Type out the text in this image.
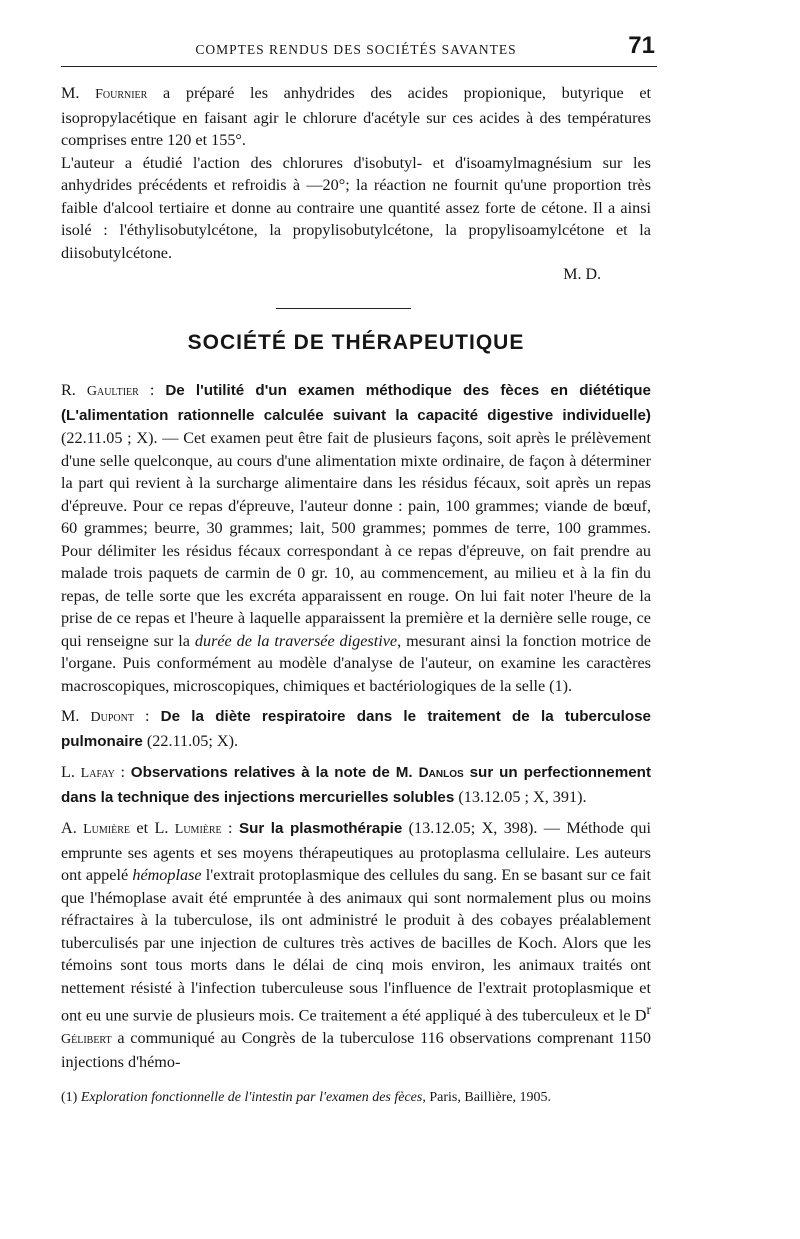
COMPTES RENDUS DES SOCIÉTÉS SAVANTES	71

M. Fournier a préparé les anhydrides des acides propionique, butyrique et isopropylacétique en faisant agir le chlorure d'acétyle sur ces acides à des températures comprises entre 120 et 155°.

L'auteur a étudié l'action des chlorures d'isobutyl- et d'isoamylmagnésium sur les anhydrides précédents et refroidis à —20°; la réaction ne fournit qu'une proportion très faible d'alcool tertiaire et donne au contraire une quantité assez forte de cétone. Il a ainsi isolé : l'éthylisobutylcétone, la propylisobutylcétone, la propylisoamylcétone et la diisobutylcétone.

M. D.
SOCIÉTÉ DE THÉRAPEUTIQUE

R. Gaultier : De l'utilité d'un examen méthodique des fèces en diététique (L'alimentation rationnelle calculée suivant la capacité digestive individuelle) (22.11.05 ; X). — Cet examen peut être fait de plusieurs façons, soit après le prélèvement d'une selle quelconque, au cours d'une alimentation mixte ordinaire, de façon à déterminer la part qui revient à la surcharge alimentaire dans les résidus fécaux, soit après un repas d'épreuve. Pour ce repas d'épreuve, l'auteur donne : pain, 100 grammes; viande de bœuf, 60 grammes; beurre, 30 grammes; lait, 500 grammes; pommes de terre, 100 grammes. Pour délimiter les résidus fécaux correspondant à ce repas d'épreuve, on fait prendre au malade trois paquets de carmin de 0 gr. 10, au commencement, au milieu et à la fin du repas, de telle sorte que les excréta apparaissent en rouge. On lui fait noter l'heure de la prise de ce repas et l'heure à laquelle apparaissent la première et la dernière selle rouge, ce qui renseigne sur la durée de la traversée digestive, mesurant ainsi la fonction motrice de l'organe. Puis conformément au modèle d'analyse de l'auteur, on examine les caractères macroscopiques, microscopiques, chimiques et bactériologiques de la selle (1).

M. Dupont : De la diète respiratoire dans le traitement de la tuberculose pulmonaire (22.11.05; X).

L. Lafay : Observations relatives à la note de M. Danlos sur un perfectionnement dans la technique des injections mercurielles solubles (13.12.05 ; X, 391).

A. Lumière et L. Lumière : Sur la plasmothérapie (13.12.05; X, 398). — Méthode qui emprunte ses agents et ses moyens thérapeutiques au protoplasma cellulaire. Les auteurs ont appelé hémoplase l'extrait protoplasmique des cellules du sang. En se basant sur ce fait que l'hémoplase avait été empruntée à des animaux qui sont normalement plus ou moins réfractaires à la tuberculose, ils ont administré le produit à des cobayes préalablement tuberculisés par une injection de cultures très actives de bacilles de Koch. Alors que les témoins sont tous morts dans le délai de cinq mois environ, les animaux traités ont nettement résisté à l'infection tuberculeuse sous l'influence de l'extrait protoplasmique et ont eu une survie de plusieurs mois. Ce traitement a été appliqué à des tuberculeux et le $D^r$ Gélibert a communiqué au Congrès de la tuberculose 116 observations comprenant 1150 injections d'hémo-

(1) Exploration fonctionnelle de l'intestin par l'examen des fèces, Paris, Baillière, 1905.
